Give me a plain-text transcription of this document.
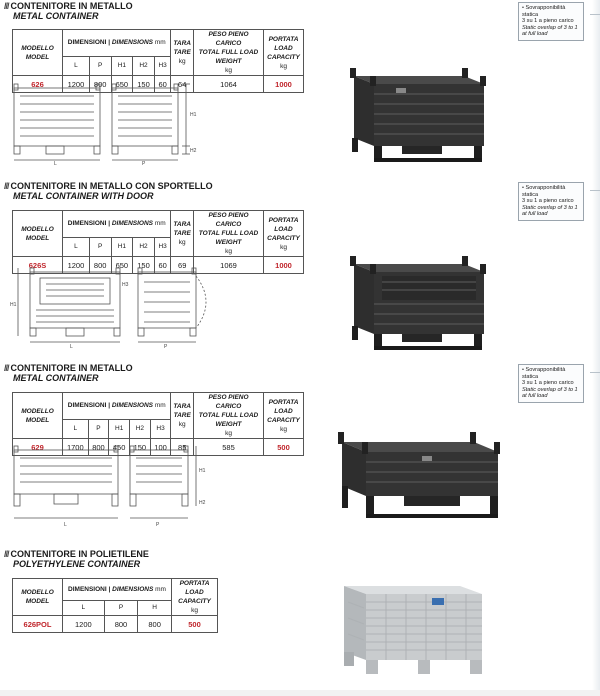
/// CONTENITORE IN METALLO
METAL CONTAINER
MODELLO
MODEL	DIMENSIONI | DIMENSIONS mm					TARA
TARE
kg	PESO PIENO CARICO
TOTAL FULL LOAD WEIGHT
kg	PORTATA
LOAD CAPACITY
kg
	L	P	H1	H2	H3			
626	1200	800	650	150	60	64	1064	1000
• Sovrapponibilità statica
3 su 1 a pieno carico
Static overlap of 3 to 1
at full load
L	P
H1
H2
/// CONTENITORE IN METALLO CON SPORTELLO
METAL CONTAINER WITH DOOR
MODELLO
MODEL	DIMENSIONI | DIMENSIONS mm					TARA
TARE
kg	PESO PIENO CARICO
TOTAL FULL LOAD WEIGHT
kg	PORTATA
LOAD CAPACITY
kg
	L	P	H1	H2	H3			
626S	1200	800	650	150	60	69	1069	1000
• Sovrapponibilità statica
3 su 1 a pieno carico
Static overlap of 3 to 1
at full load
L	P
H1
H3
/// CONTENITORE IN METALLO
METAL CONTAINER
MODELLO
MODEL	DIMENSIONI | DIMENSIONS mm					TARA
TARE
kg	PESO PIENO CARICO
TOTAL FULL LOAD WEIGHT
kg	PORTATA
LOAD CAPACITY
kg
	L	P	H1	H2	H3			
629	1700	800	450	150	100	85	585	500
• Sovrapponibilità statica
3 su 1 a pieno carico
Static overlap of 3 to 1
at full load
L	P
H1
H2
/// CONTENITORE IN POLIETILENE
POLYETHYLENE CONTAINER
MODELLO
MODEL	DIMENSIONI | DIMENSIONS mm			PORTATA
LOAD CAPACITY
kg
	L	P	H	
626POL	1200	800	800	500
